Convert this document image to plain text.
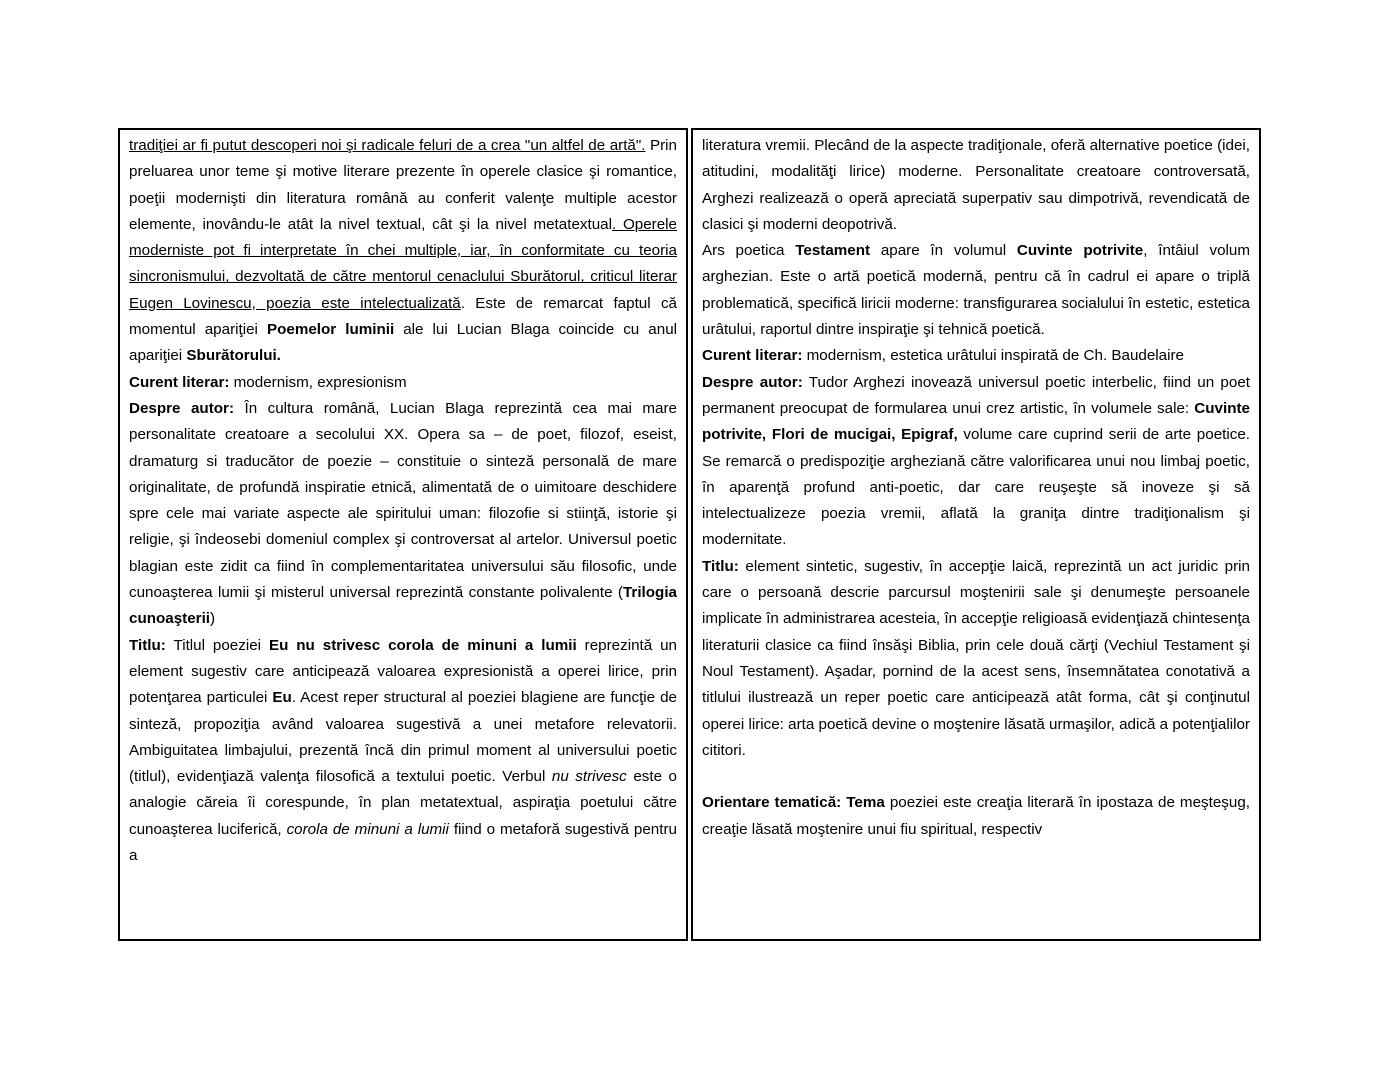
tradiţiei ar fi putut descoperi noi şi radicale feluri de a crea "un altfel de artă". Prin preluarea unor teme şi motive literare prezente în operele clasice şi romantice, poeţii modernişti din literatura română au conferit valenţe multiple acestor elemente, inovându-le atât la nivel textual, cât şi la nivel metatextual. Operele moderniste pot fi interpretate în chei multiple, iar, în conformitate cu teoria sincronismului, dezvoltată de către mentorul cenaclului Sburătorul, criticul literar Eugen Lovinescu, poezia este intelectualizată. Este de remarcat faptul că momentul apariţiei Poemelor luminii ale lui Lucian Blaga coincide cu anul apariţiei Sburătorului.

Curent literar: modernism, expresionism

Despre autor: În cultura română, Lucian Blaga reprezintă cea mai mare personalitate creatoare a secolului XX. Opera sa – de poet, filozof, eseist, dramaturg si traducător de poezie – constituie o sinteză personală de mare originalitate, de profundă inspiratie etnică, alimentată de o uimitoare deschidere spre cele mai variate aspecte ale spiritului uman: filozofie si stiinţă, istorie şi religie, şi îndeosebi domeniul complex şi controversat al artelor. Universul poetic blagian este zidit ca fiind în complementaritatea universului său filosofic, unde cunoaşterea lumii şi misterul universal reprezintă constante polivalente (Trilogia cunoaşterii)

Titlu: Titlul poeziei Eu nu strivesc corola de minuni a lumii reprezintă un element sugestiv care anticipează valoarea expresionistă a operei lirice, prin potenţarea particulei Eu. Acest reper structural al poeziei blagiene are funcţie de sinteză, propoziţia având valoarea sugestivă a unei metafore relevatorii. Ambiguitatea limbajului, prezentă încă din primul moment al universului poetic (titlul), evidenţiază valenţa filosofică a textului poetic. Verbul nu strivesc este o analogie căreia îi corespunde, în plan metatextual, aspiraţia poetului către cunoaşterea luciferică, corola de minuni a lumii fiind o metaforă sugestivă pentru a

literatura vremii. Plecând de la aspecte tradiţionale, oferă alternative poetice (idei, atitudini, modalităţi lirice) moderne. Personalitate creatoare controversată, Arghezi realizează o operă apreciată superpativ sau dimpotrivă, revendicată de clasici şi moderni deopotrivă.

Ars poetica Testament apare în volumul Cuvinte potrivite, întâiul volum arghezian. Este o artă poetică modernă, pentru că în cadrul ei apare o triplă problematică, specifică liricii moderne: transfigurarea socialului în estetic, estetica urâtului, raportul dintre inspiraţie şi tehnică poetică.

Curent literar: modernism, estetica urâtului inspirată de Ch. Baudelaire

Despre autor: Tudor Arghezi inovează universul poetic interbelic, fiind un poet permanent preocupat de formularea unui crez artistic, în volumele sale: Cuvinte potrivite, Flori de mucigai, Epigraf, volume care cuprind serii de arte poetice. Se remarcă o predispoziţie argheziană către valorificarea unui nou limbaj poetic, în aparenţă profund anti-poetic, dar care reuşeşte să inoveze şi să intelectualizeze poezia vremii, aflată la graniţa dintre tradiţionalism şi modernitate.

Titlu: element sintetic, sugestiv, în accepţie laică, reprezintă un act juridic prin care o persoană descrie parcursul moştenirii sale şi denumeşte persoanele implicate în administrarea acesteia, în accepţie religioasă evidenţiază chintesenţa literaturii clasice ca fiind însăşi Biblia, prin cele două cărţi (Vechiul Testament şi Noul Testament). Aşadar, pornind de la acest sens, însemnătatea conotativă a titlului ilustrează un reper poetic care anticipează atât forma, cât şi conţinutul operei lirice: arta poetică devine o moştenire lăsată urmaşilor, adică a potenţialilor cititori.

Orientare tematică: Tema poeziei este creaţia literară în ipostaza de meşteşug, creaţie lăsată moştenire unui fiu spiritual, respectiv
